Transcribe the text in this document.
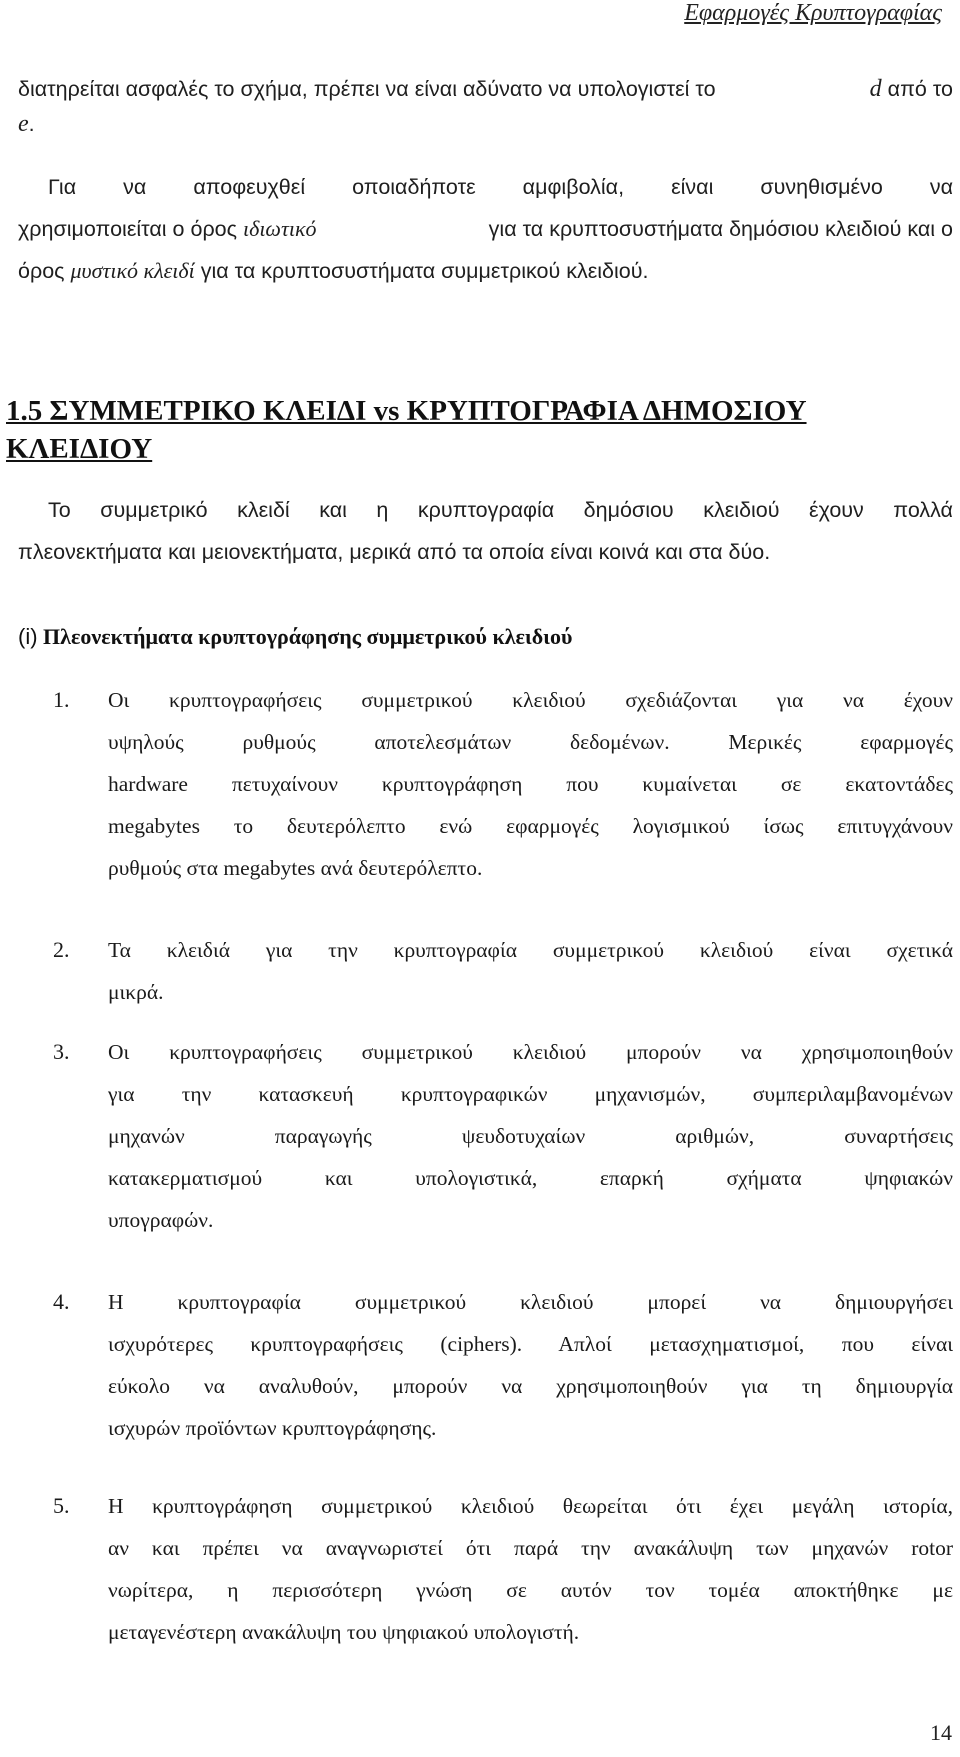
Εφαρμογές Κρυπτογραφίας
διατηρείται ασφαλές το σχήμα, πρέπει να είναι αδύνατο να υπολογιστεί το	d από το
e.
Για να αποφευχθεί οποιαδήποτε αμφιβολία, είναι συνηθισμένο να
χρησιμοποιείται ο όρος ιδιωτικό	για τα κρυπτοσυστήματα δημόσιου κλειδιού και ο
όρος μυστικό κλειδί για τα κρυπτοσυστήματα συμμετρικού κλειδιού.
1.5 ΣΥΜΜΕΤΡΙΚΟ ΚΛΕΙΔΙ vs ΚΡΥΠΤΟΓΡΑΦΙΑ ΔΗΜΟΣΙΟΥ
ΚΛΕΙΔΙΟΥ
Το συμμετρικό κλειδί και η κρυπτογραφία δημόσιου κλειδιού έχουν πολλά
πλεονεκτήματα και μειονεκτήματα, μερικά από τα οποία είναι κοινά και στα δύο.
(i) Πλεονεκτήματα κρυπτογράφησης συμμετρικού κλειδιού
1. Οι κρυπτογραφήσεις συμμετρικού κλειδιού σχεδιάζονται για να έχουν
υψηλούς ρυθμούς αποτελεσμάτων δεδομένων. Μερικές εφαρμογές
hardware πετυχαίνουν κρυπτογράφηση που κυμαίνεται σε εκατοντάδες
megabytes το δευτερόλεπτο ενώ εφαρμογές λογισμικού ίσως επιτυγχάνουν
ρυθμούς στα megabytes ανά δευτερόλεπτο.
2. Τα κλειδιά για την κρυπτογραφία συμμετρικού κλειδιού είναι σχετικά
μικρά.
3. Οι κρυπτογραφήσεις συμμετρικού κλειδιού μπορούν να χρησιμοποιηθούν
για την κατασκευή κρυπτογραφικών μηχανισμών, συμπεριλαμβανομένων
μηχανών παραγωγής ψευδοτυχαίων αριθμών, συναρτήσεις
κατακερματισμού και υπολογιστικά, επαρκή σχήματα ψηφιακών
υπογραφών.
4. Η κρυπτογραφία συμμετρικού κλειδιού μπορεί να δημιουργήσει
ισχυρότερες κρυπτογραφήσεις (ciphers). Απλοί μετασχηματισμοί, που είναι
εύκολο να αναλυθούν, μπορούν να χρησιμοποιηθούν για τη δημιουργία
ισχυρών προϊόντων κρυπτογράφησης.
5. Η κρυπτογράφηση συμμετρικού κλειδιού θεωρείται ότι έχει μεγάλη ιστορία,
αν και πρέπει να αναγνωριστεί ότι παρά την ανακάλυψη των μηχανών rotor
νωρίτερα, η περισσότερη γνώση σε αυτόν τον τομέα αποκτήθηκε με
μεταγενέστερη ανακάλυψη του ψηφιακού υπολογιστή.
14
